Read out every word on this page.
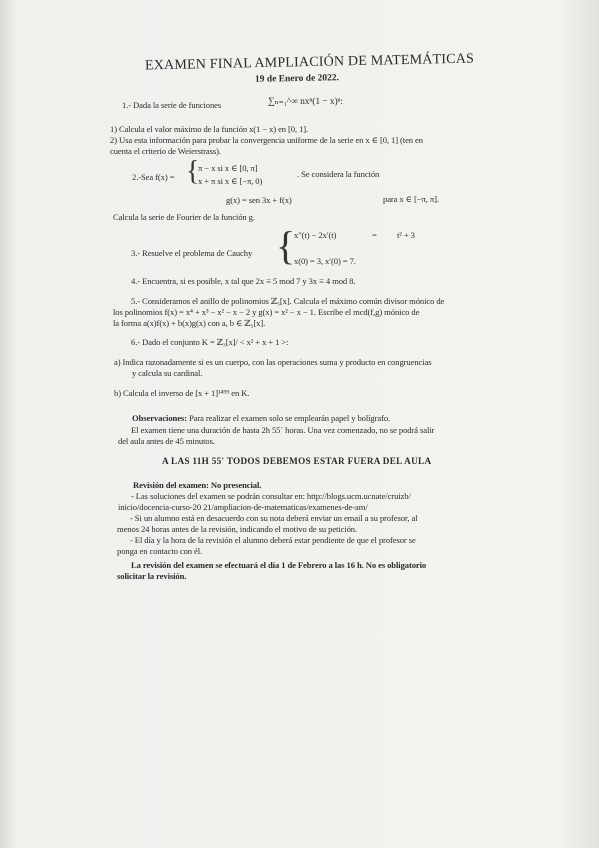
EXAMEN FINAL AMPLIACIÓN DE MATEMÁTICAS
19 de Enero de 2022.
1.- Dada la serie de funciones	∑ₙ₌₁^∞ nxⁿ(1 − x)ⁿ:
1) Calcula el valor máximo de la función x(1 − x) en [0, 1].
2) Usa esta información para probar la convergencia uniforme de la serie en x ∈ [0, 1] (ten en
cuenta el criterio de Weierstrass).
2.-Sea f(x) = {
π − x si x ∈ [0, π]
x + π si x ∈ [−π, 0)
. Se considera la función
g(x) = sen 3x + f(x)	para x ∈ [−π, π].
Calcula la serie de Fourier de la función g.
3.- Resuelve el problema de Cauchy {
x″(t) − 2x′(t)	= t² + 3
x(0) = 3, x′(0) = 7.
4.- Encuentra, si es posible, x tal que 2x ≡ 5 mod 7 y 3x ≡ 4 mod 8.
5.- Consideramos el anillo de polinomios ℤ₅[x]. Calcula el máximo común divisor mónico de
los polinomios f(x) = x⁴ + x³ − x² − x − 2 y g(x) = x² − x − 1. Escribe el mcd(f,g) mónico de
la forma a(x)f(x) + b(x)g(x) con a, b ∈ ℤ₅[x].
6.- Dado el conjunto K = ℤ₃[x]/ < x² + x + 1 >:
a) Indica razonadamente si es un cuerpo, con las operaciones suma y producto en congruencias
y calcula su cardinal.
b) Calcula el inverso de [x + 1]¹⁴⁹⁹ en K.
Observaciones: Para realizar el examen solo se emplearán papel y bolígrafo.
El examen tiene una duración de hasta 2h 55´ horas. Una vez comenzado, no se podrá salir
del aula antes de 45 minutos.
A LAS 11H 55' TODOS DEBEMOS ESTAR FUERA DEL AULA
Revisión del examen: No presencial.
- Las soluciones del examen se podrán consultar en: http://blogs.ucm.ucnate/cruizb/
inicio/docencia-curso-20 21/ampliacion-de-matematicas/examenes-de-am/
- Si un alumno está en desacuerdo con su nota deberá enviar un email a su profesor, al
menos 24 horas antes de la revisión, indicando el motivo de su petición.
- El día y la hora de la revisión el alumno deberá estar pendiente de que el profesor se
ponga en contacto con él.
La revisión del examen se efectuará el día 1 de Febrero a las 16 h. No es obligatorio
solicitar la revisión.
